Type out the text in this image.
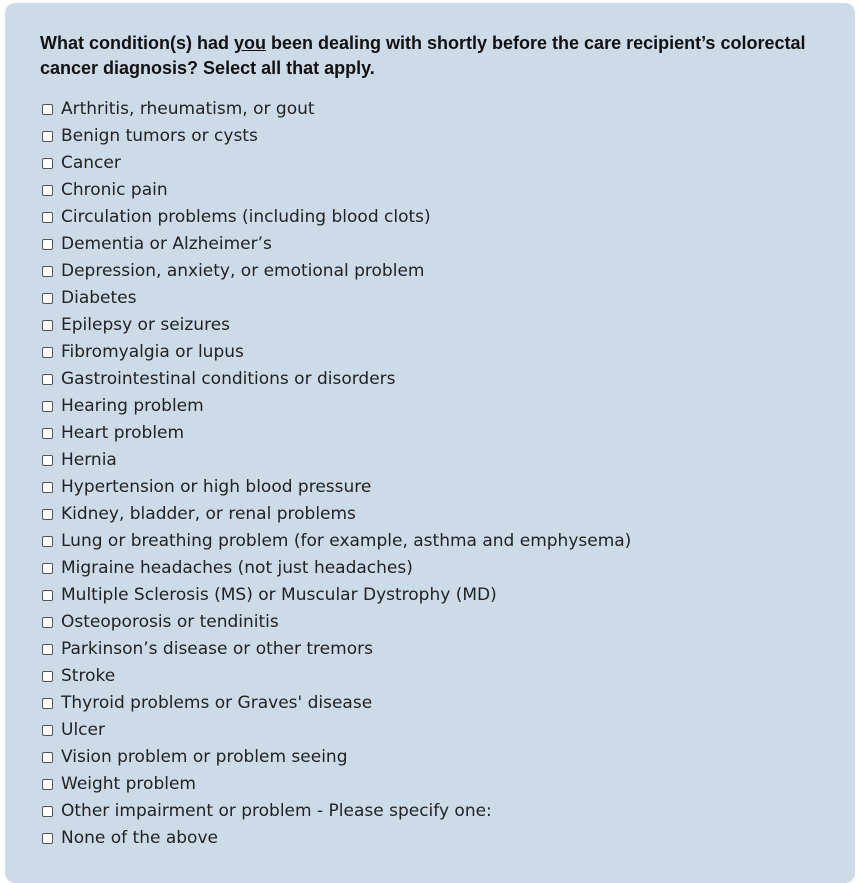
What condition(s) had you been dealing with shortly before the care recipient’s colorectal cancer diagnosis? Select all that apply.
Arthritis, rheumatism, or gout
Benign tumors or cysts
Cancer
Chronic pain
Circulation problems (including blood clots)
Dementia or Alzheimer’s
Depression, anxiety, or emotional problem
Diabetes
Epilepsy or seizures
Fibromyalgia or lupus
Gastrointestinal conditions or disorders
Hearing problem
Heart problem
Hernia
Hypertension or high blood pressure
Kidney, bladder, or renal problems
Lung or breathing problem (for example, asthma and emphysema)
Migraine headaches (not just headaches)
Multiple Sclerosis (MS) or Muscular Dystrophy (MD)
Osteoporosis or tendinitis
Parkinson’s disease or other tremors
Stroke
Thyroid problems or Graves' disease
Ulcer
Vision problem or problem seeing
Weight problem
Other impairment or problem - Please specify one:
None of the above
